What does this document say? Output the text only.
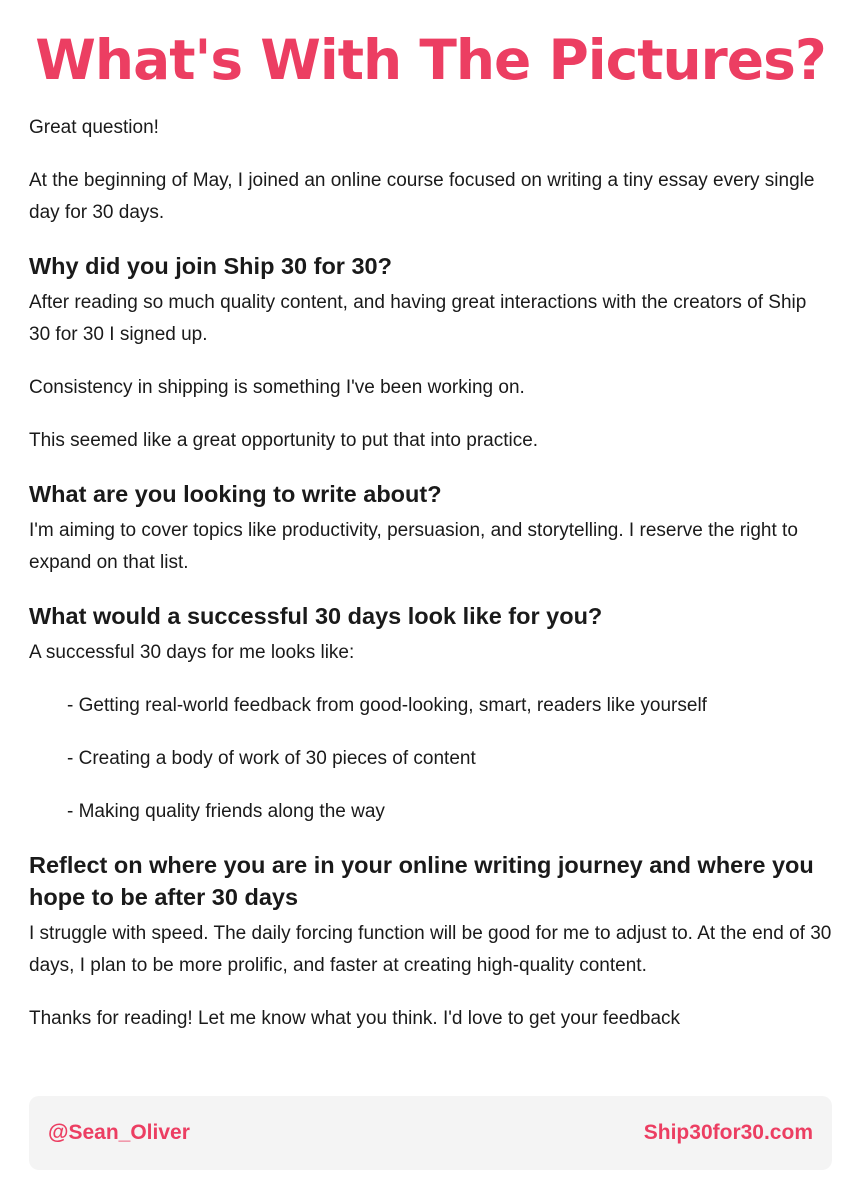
What's With The Pictures?

Great question!

At the beginning of May, I joined an online course focused on writing a tiny essay every single day for 30 days.

Why did you join Ship 30 for 30?

After reading so much quality content, and having great interactions with the creators of Ship 30 for 30 I signed up.

Consistency in shipping is something I've been working on.

This seemed like a great opportunity to put that into practice.

What are you looking to write about?

I'm aiming to cover topics like productivity, persuasion, and storytelling. I reserve the right to expand on that list.

What would a successful 30 days look like for you?

A successful 30 days for me looks like:

- Getting real-world feedback from good-looking, smart, readers like yourself

- Creating a body of work of 30 pieces of content

- Making quality friends along the way

Reflect on where you are in your online writing journey and where you hope to be after 30 days

I struggle with speed. The daily forcing function will be good for me to adjust to. At the end of 30 days, I plan to be more prolific, and faster at creating high-quality content.

Thanks for reading! Let me know what you think. I'd love to get your feedback

@Sean_Oliver	Ship30for30.com
